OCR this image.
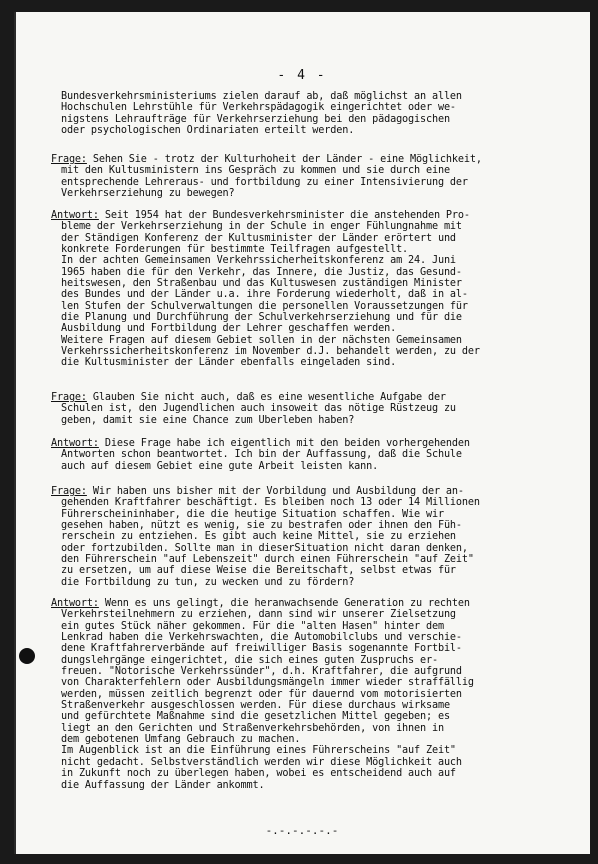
- 4 -
Bundesverkehrsministeriums zielen darauf ab, daß möglichst an allen
Hochschulen Lehrstühle für Verkehrspädagogik eingerichtet oder we-
nigstens Lehraufträge für Verkehrserziehung bei den pädagogischen
oder psychologischen Ordinariaten erteilt werden.
Frage: Sehen Sie - trotz der Kulturhoheit der Länder - eine Möglichkeit,
mit den Kultusministern ins Gespräch zu kommen und sie durch eine
entsprechende Lehreraus- und fortbildung zu einer Intensivierung der
Verkehrserziehung zu bewegen?
Antwort: Seit 1954 hat der Bundesverkehrsminister die anstehenden Pro-
bleme der Verkehrserziehung in der Schule in enger Fühlungnahme mit
der Ständigen Konferenz der Kultusminister der Länder erörtert und
konkrete Forderungen für bestimmte Teilfragen aufgestellt.
In der achten Gemeinsamen Verkehrssicherheitskonferenz am 24. Juni
1965 haben die für den Verkehr, das Innere, die Justiz, das Gesund-
heitswesen, den Straßenbau und das Kultuswesen zuständigen Minister
des Bundes und der Länder u.a. ihre Forderung wiederholt, daß in al-
len Stufen der Schulverwaltungen die personellen Voraussetzungen für
die Planung und Durchführung der Schulverkehrserziehung und für die
Ausbildung und Fortbildung der Lehrer geschaffen werden.
Weitere Fragen auf diesem Gebiet sollen in der nächsten Gemeinsamen
Verkehrssicherheitskonferenz im November d.J. behandelt werden, zu der
die Kultusminister der Länder ebenfalls eingeladen sind.
Frage: Glauben Sie nicht auch, daß es eine wesentliche Aufgabe der
Schulen ist, den Jugendlichen auch insoweit das nötige Rüstzeug zu
geben, damit sie eine Chance zum Überleben haben?
Antwort: Diese Frage habe ich eigentlich mit den beiden vorhergehenden
Antworten schon beantwortet. Ich bin der Auffassung, daß die Schule
auch auf diesem Gebiet eine gute Arbeit leisten kann.
Frage: Wir haben uns bisher mit der Vorbildung und Ausbildung der an-
gehenden Kraftfahrer beschäftigt. Es bleiben noch 13 oder 14 Millionen
Führerscheininhaber, die die heutige Situation schaffen. Wie wir
gesehen haben, nützt es wenig, sie zu bestrafen oder ihnen den Füh-
rerschein zu entziehen. Es gibt auch keine Mittel, sie zu erziehen
oder fortzubilden. Sollte man in dieserSituation nicht daran denken,
den Führerschein "auf Lebenszeit" durch einen Führerschein "auf Zeit"
zu ersetzen, um auf diese Weise die Bereitschaft, selbst etwas für
die Fortbildung zu tun, zu wecken und zu fördern?
Antwort: Wenn es uns gelingt, die heranwachsende Generation zu rechten
Verkehrsteilnehmern zu erziehen, dann sind wir unserer Zielsetzung
ein gutes Stück näher gekommen. Für die "alten Hasen" hinter dem
Lenkrad haben die Verkehrswachten, die Automobilclubs und verschie-
dene Kraftfahrerverbände auf freiwilliger Basis sogenannte Fortbil-
dungslehrgänge eingerichtet, die sich eines guten Zuspruchs er-
freuen. "Notorische Verkehrssünder", d.h. Kraftfahrer, die aufgrund
von Charakterfehlern oder Ausbildungsmängeln immer wieder straffällig
werden, müssen zeitlich begrenzt oder für dauernd vom motorisierten
Straßenverkehr ausgeschlossen werden. Für diese durchaus wirksame
und gefürchtete Maßnahme sind die gesetzlichen Mittel gegeben; es
liegt an den Gerichten und Straßenverkehrsbehörden, von ihnen in
dem gebotenen Umfang Gebrauch zu machen.
Im Augenblick ist an die Einführung eines Führerscheins "auf Zeit"
nicht gedacht. Selbstverständlich werden wir diese Möglichkeit auch
in Zukunft noch zu überlegen haben, wobei es entscheidend auch auf
die Auffassung der Länder ankommt.
-.-.-.-.-.-
